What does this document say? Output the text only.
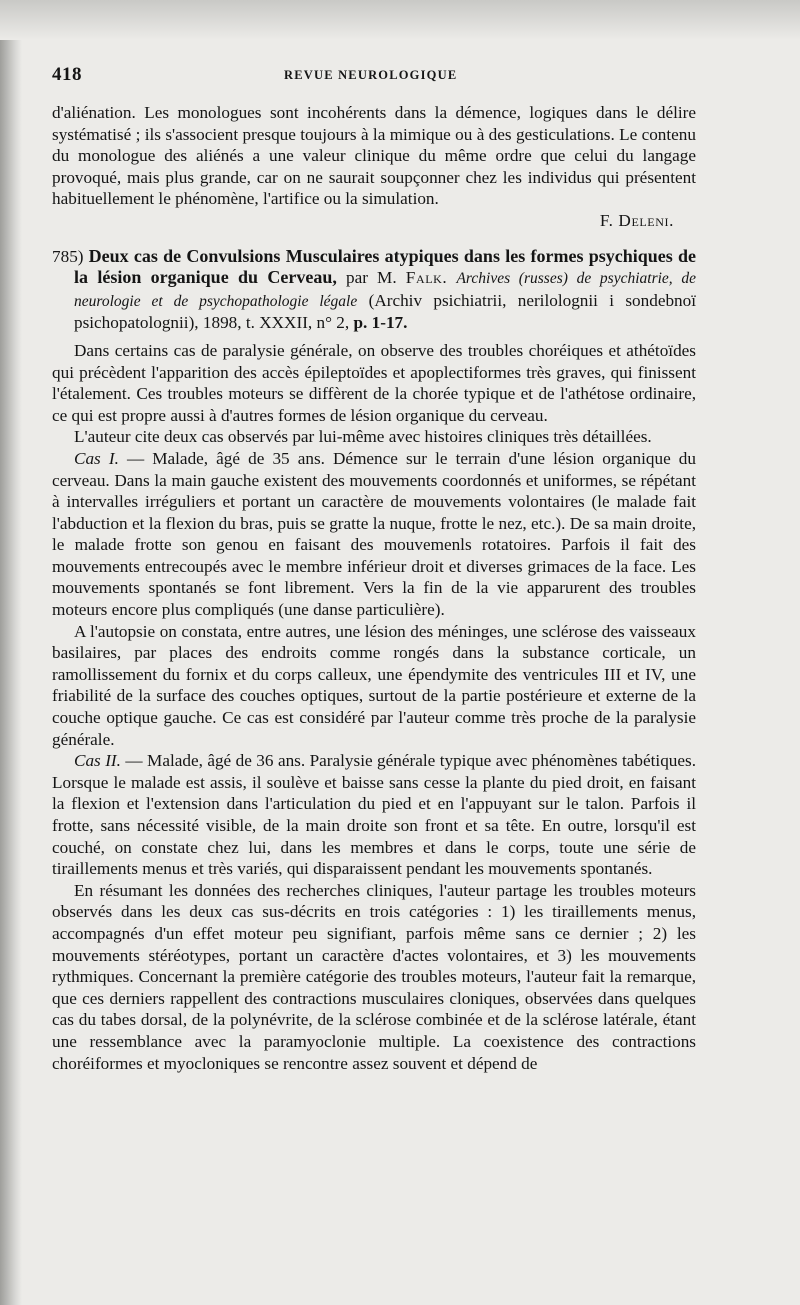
418	REVUE NEUROLOGIQUE

d'aliénation. Les monologues sont incohérents dans la démence, logiques dans le délire systématisé ; ils s'associent presque toujours à la mimique ou à des gesticulations. Le contenu du monologue des aliénés a une valeur clinique du même ordre que celui du langage provoqué, mais plus grande, car on ne saurait soupçonner chez les individus qui présentent habituellement le phénomène, l'artifice ou la simulation.

F. Deleni.

785) Deux cas de Convulsions Musculaires atypiques dans les formes psychiques de la lésion organique du Cerveau, par M. Falk. Archives (russes) de psychiatrie, de neurologie et de psychopathologie légale (Archiv psichiatrii, nerilolognii i sondebnoï psichopatolognii), 1898, t. XXXII, n° 2, p. 1-17.

Dans certains cas de paralysie générale, on observe des troubles choréiques et athétoïdes qui précèdent l'apparition des accès épileptoïdes et apoplectiformes très graves, qui finissent l'étalement. Ces troubles moteurs se diffèrent de la chorée typique et de l'athétose ordinaire, ce qui est propre aussi à d'autres formes de lésion organique du cerveau.

L'auteur cite deux cas observés par lui-même avec histoires cliniques très détaillées.

Cas I. — Malade, âgé de 35 ans. Démence sur le terrain d'une lésion organique du cerveau. Dans la main gauche existent des mouvements coordonnés et uniformes, se répétant à intervalles irréguliers et portant un caractère de mouvements volontaires (le malade fait l'abduction et la flexion du bras, puis se gratte la nuque, frotte le nez, etc.). De sa main droite, le malade frotte son genou en faisant des mouvemenls rotatoires. Parfois il fait des mouvements entrecoupés avec le membre inférieur droit et diverses grimaces de la face. Les mouvements spontanés se font librement. Vers la fin de la vie apparurent des troubles moteurs encore plus compliqués (une danse particulière).

A l'autopsie on constata, entre autres, une lésion des méninges, une sclérose des vaisseaux basilaires, par places des endroits comme rongés dans la substance corticale, un ramollissement du fornix et du corps calleux, une épendymite des ventricules III et IV, une friabilité de la surface des couches optiques, surtout de la partie postérieure et externe de la couche optique gauche. Ce cas est considéré par l'auteur comme très proche de la paralysie générale.

Cas II. — Malade, âgé de 36 ans. Paralysie générale typique avec phénomènes tabétiques. Lorsque le malade est assis, il soulève et baisse sans cesse la plante du pied droit, en faisant la flexion et l'extension dans l'articulation du pied et en l'appuyant sur le talon. Parfois il frotte, sans nécessité visible, de la main droite son front et sa tête. En outre, lorsqu'il est couché, on constate chez lui, dans les membres et dans le corps, toute une série de tiraillements menus et très variés, qui disparaissent pendant les mouvements spontanés.

En résumant les données des recherches cliniques, l'auteur partage les troubles moteurs observés dans les deux cas sus-décrits en trois catégories : 1) les tiraillements menus, accompagnés d'un effet moteur peu signifiant, parfois même sans ce dernier ; 2) les mouvements stéréotypes, portant un caractère d'actes volontaires, et 3) les mouvements rythmiques. Concernant la première catégorie des troubles moteurs, l'auteur fait la remarque, que ces derniers rappellent des contractions musculaires cloniques, observées dans quelques cas du tabes dorsal, de la polynévrite, de la sclérose combinée et de la sclérose latérale, étant une ressemblance avec la paramyoclonie multiple. La coexistence des contractions choréiformes et myocloniques se rencontre assez souvent et dépend de
